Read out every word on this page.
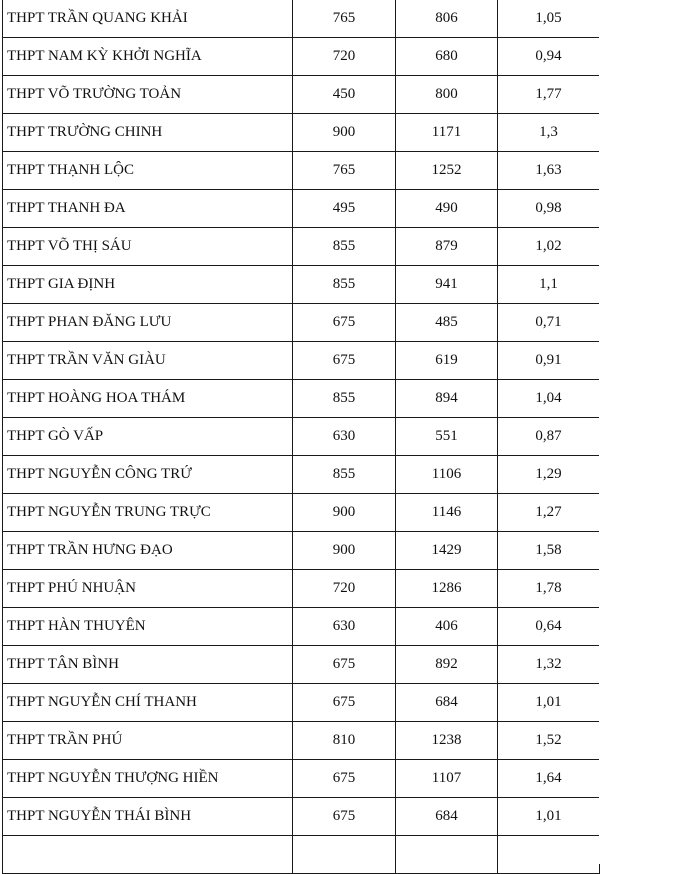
THPT TRẦN QUANG KHẢI	765	806	1,05
THPT NAM KỲ KHỞI NGHĨA	720	680	0,94
THPT VÕ TRƯỜNG TOẢN	450	800	1,77
THPT TRƯỜNG CHINH	900	1171	1,3
THPT THẠNH LỘC	765	1252	1,63
THPT THANH ĐA	495	490	0,98
THPT VÕ THỊ SÁU	855	879	1,02
THPT GIA ĐỊNH	855	941	1,1
THPT PHAN ĐĂNG LƯU	675	485	0,71
THPT TRẦN VĂN GIÀU	675	619	0,91
THPT HOÀNG HOA THÁM	855	894	1,04
THPT GÒ VẤP	630	551	0,87
THPT NGUYỄN CÔNG TRỨ	855	1106	1,29
THPT NGUYỄN TRUNG TRỰC	900	1146	1,27
THPT TRẦN HƯNG ĐẠO	900	1429	1,58
THPT PHÚ NHUẬN	720	1286	1,78
THPT HÀN THUYÊN	630	406	0,64
THPT TÂN BÌNH	675	892	1,32
THPT NGUYỄN CHÍ THANH	675	684	1,01
THPT TRẦN PHÚ	810	1238	1,52
THPT NGUYỄN THƯỢNG HIỀN	675	1107	1,64
THPT NGUYỄN THÁI BÌNH	675	684	1,01
